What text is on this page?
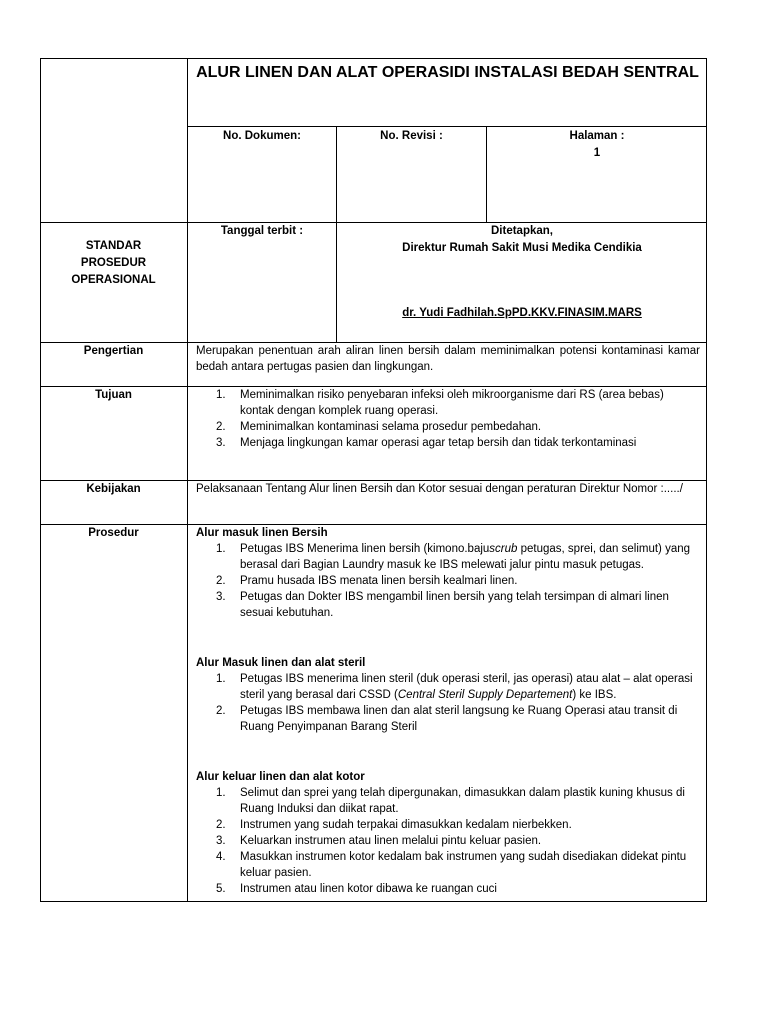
ALUR LINEN DAN ALAT OPERASIDI INSTALASI BEDAH SENTRAL
No. Dokumen:	No. Revisi :	Halaman :
1
STANDAR
PROSEDUR
OPERASIONAL
Tanggal terbit :	Ditetapkan,
Direktur Rumah Sakit Musi Medika Cendikia
dr. Yudi Fadhilah.SpPD.KKV.FINASIM.MARS
Pengertian	Merupakan penentuan arah aliran linen bersih dalam meminimalkan potensi kontaminasi kamar bedah antara pertugas pasien dan lingkungan.
Tujuan	1. Meminimalkan risiko penyebaran infeksi oleh mikroorganisme dari RS (area bebas) kontak dengan komplek ruang operasi.
2. Meminimalkan kontaminasi selama prosedur pembedahan.
3. Menjaga lingkungan kamar operasi agar tetap bersih dan tidak terkontaminasi
Kebijakan	Pelaksanaan Tentang Alur linen Bersih dan Kotor sesuai dengan peraturan Direktur Nomor :...../
Prosedur	Alur masuk linen Bersih
1. Petugas IBS Menerima linen bersih (kimono.bajuscrub petugas, sprei, dan selimut) yang berasal dari Bagian Laundry masuk ke IBS melewati jalur pintu masuk petugas.
2. Pramu husada IBS menata linen bersih kealmari linen.
3. Petugas dan Dokter IBS mengambil linen bersih yang telah tersimpan di almari linen sesuai kebutuhan.
Alur Masuk linen dan alat steril
1. Petugas IBS menerima linen steril (duk operasi steril, jas operasi) atau alat – alat operasi steril yang berasal dari CSSD (Central Steril Supply Departement) ke IBS.
2. Petugas IBS membawa linen dan alat steril langsung ke Ruang Operasi atau transit di Ruang Penyimpanan Barang Steril
Alur keluar linen dan alat kotor
1. Selimut dan sprei yang telah dipergunakan, dimasukkan dalam plastik kuning khusus di Ruang Induksi dan diikat rapat.
2. Instrumen yang sudah terpakai dimasukkan kedalam nierbekken.
3. Keluarkan instrumen atau linen melalui pintu keluar pasien.
4. Masukkan instrumen kotor kedalam bak instrumen yang sudah disediakan didekat pintu keluar pasien.
5. Instrumen atau linen kotor dibawa ke ruangan cuci
